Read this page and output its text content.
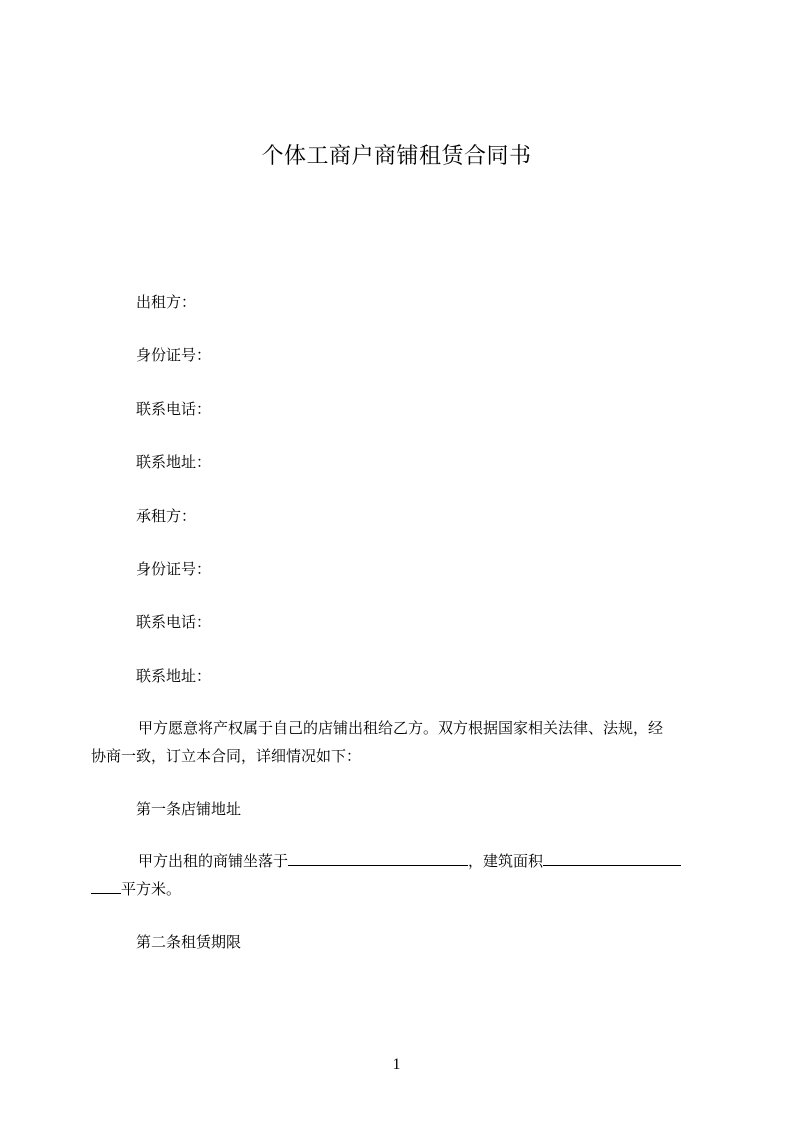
个体工商户商铺租赁合同书
出租方：
身份证号：
联系电话：
联系地址：
承租方：
身份证号：
联系电话：
联系地址：

甲方愿意将产权属于自己的店铺出租给乙方。双方根据国家相关法律、法规，经

协商一致，订立本合同，详细情况如下：

第一条店铺地址

甲方出租的商铺坐落于	，建筑面积

平方米。

第二条租赁期限
1
